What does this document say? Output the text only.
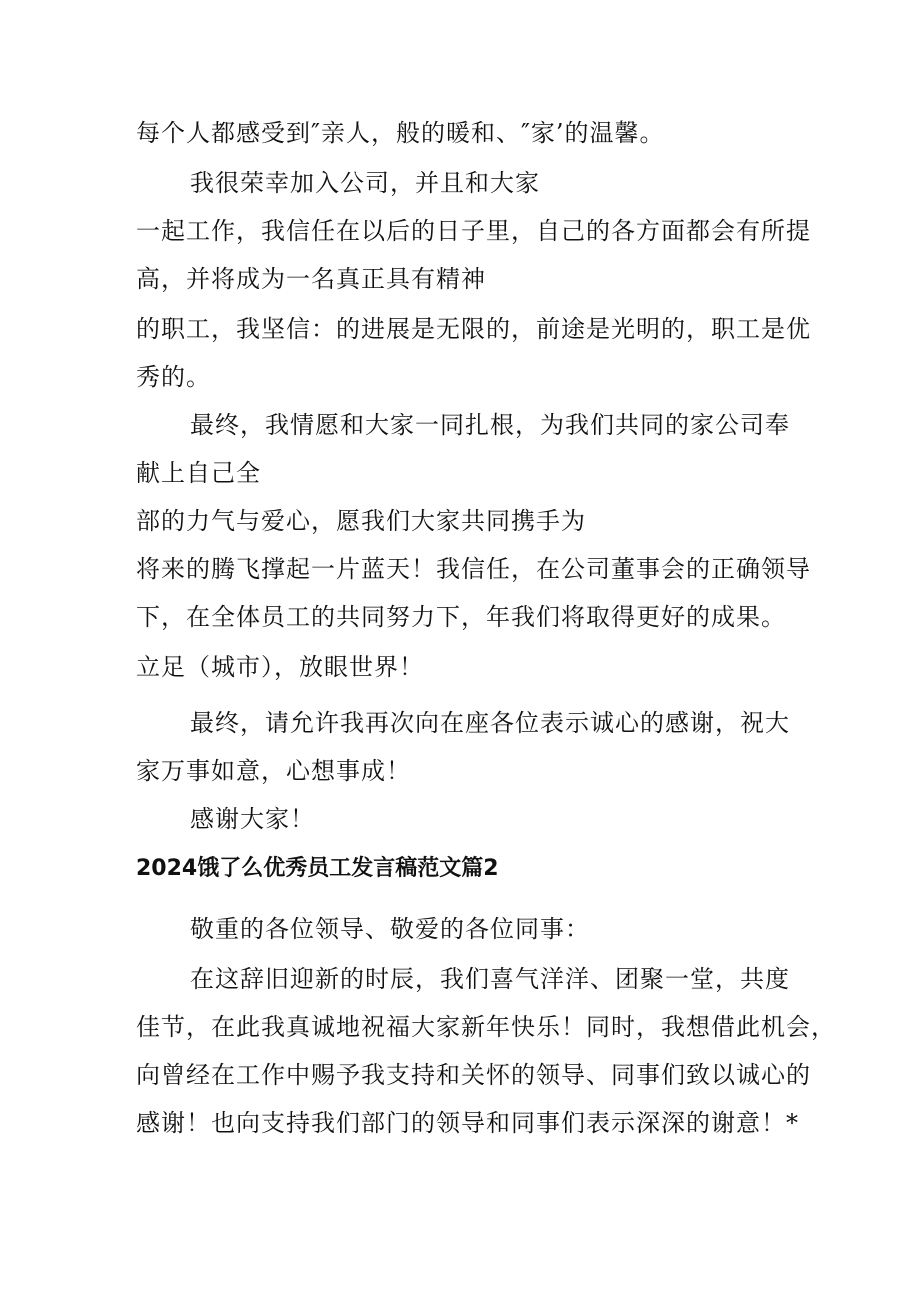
每个人都感受到″亲人，般的暖和、″家’的温馨。

我很荣幸加入公司，并且和大家

一起工作，我信任在以后的日子里，自己的各方面都会有所提

高，并将成为一名真正具有精神

的职工，我坚信：的进展是无限的，前途是光明的，职工是优

秀的。

最终，我情愿和大家一同扎根，为我们共同的家公司奉

献上自己全

部的力气与爱心，愿我们大家共同携手为

将来的腾飞撑起一片蓝天！我信任，在公司董事会的正确领导

下，在全体员工的共同努力下，年我们将取得更好的成果。

立足（城市），放眼世界！

最终，请允许我再次向在座各位表示诚心的感谢，祝大

家万事如意，心想事成！

感谢大家！

2024饿了么优秀员工发言稿范文篇2

敬重的各位领导、敬爱的各位同事：

在这辞旧迎新的时辰，我们喜气洋洋、团聚一堂，共度

佳节，在此我真诚地祝福大家新年快乐！同时，我想借此机会，

向曾经在工作中赐予我支持和关怀的领导、同事们致以诚心的

感谢！也向支持我们部门的领导和同事们表示深深的谢意！*
